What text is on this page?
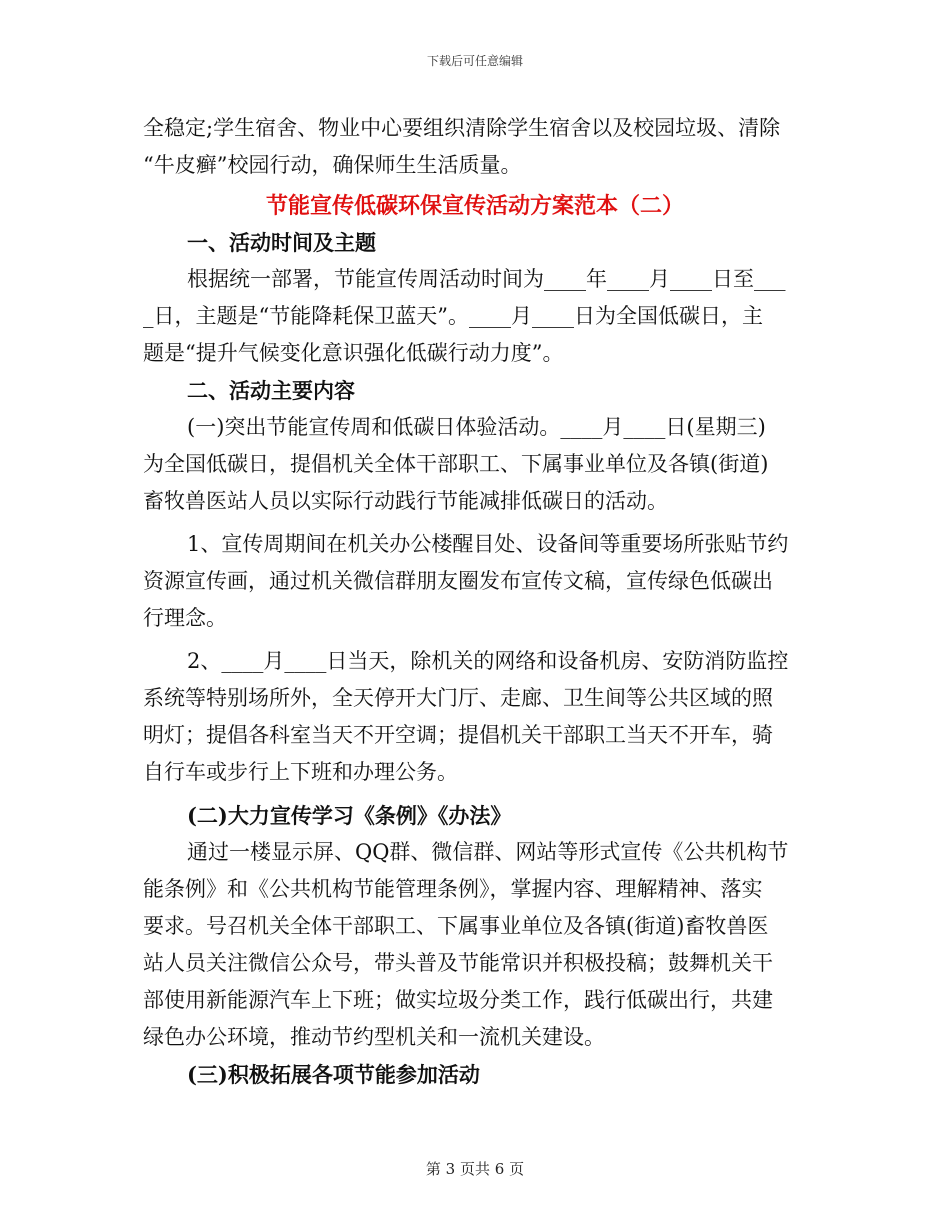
下载后可任意编辑
全稳定;学生宿舍、物业中心要组织清除学生宿舍以及校园垃圾、清除
“牛皮癣”校园行动，确保师生生活质量。
节能宣传低碳环保宣传活动方案范本（二）
一、活动时间及主题
根据统一部署，节能宣传周活动时间为____年____月____日至___
_日，主题是“节能降耗保卫蓝天”。____月____日为全国低碳日，主
题是“提升气候变化意识强化低碳行动力度”。
二、活动主要内容
(一)突出节能宣传周和低碳日体验活动。____月____日(星期三)
为全国低碳日，提倡机关全体干部职工、下属事业单位及各镇(街道)
畜牧兽医站人员以实际行动践行节能减排低碳日的活动。
1、宣传周期间在机关办公楼醒目处、设备间等重要场所张贴节约
资源宣传画，通过机关微信群朋友圈发布宣传文稿，宣传绿色低碳出
行理念。
2、____月____日当天，除机关的网络和设备机房、安防消防监控
系统等特别场所外，全天停开大门厅、走廊、卫生间等公共区域的照
明灯；提倡各科室当天不开空调；提倡机关干部职工当天不开车，骑
自行车或步行上下班和办理公务。
(二)大力宣传学习《条例》《办法》
通过一楼显示屏、QQ群、微信群、网站等形式宣传《公共机构节
能条例》和《公共机构节能管理条例》，掌握内容、理解精神、落实
要求。号召机关全体干部职工、下属事业单位及各镇(街道)畜牧兽医
站人员关注微信公众号，带头普及节能常识并积极投稿；鼓舞机关干
部使用新能源汽车上下班；做实垃圾分类工作，践行低碳出行，共建
绿色办公环境，推动节约型机关和一流机关建设。
(三)积极拓展各项节能参加活动
第 3 页共 6 页
